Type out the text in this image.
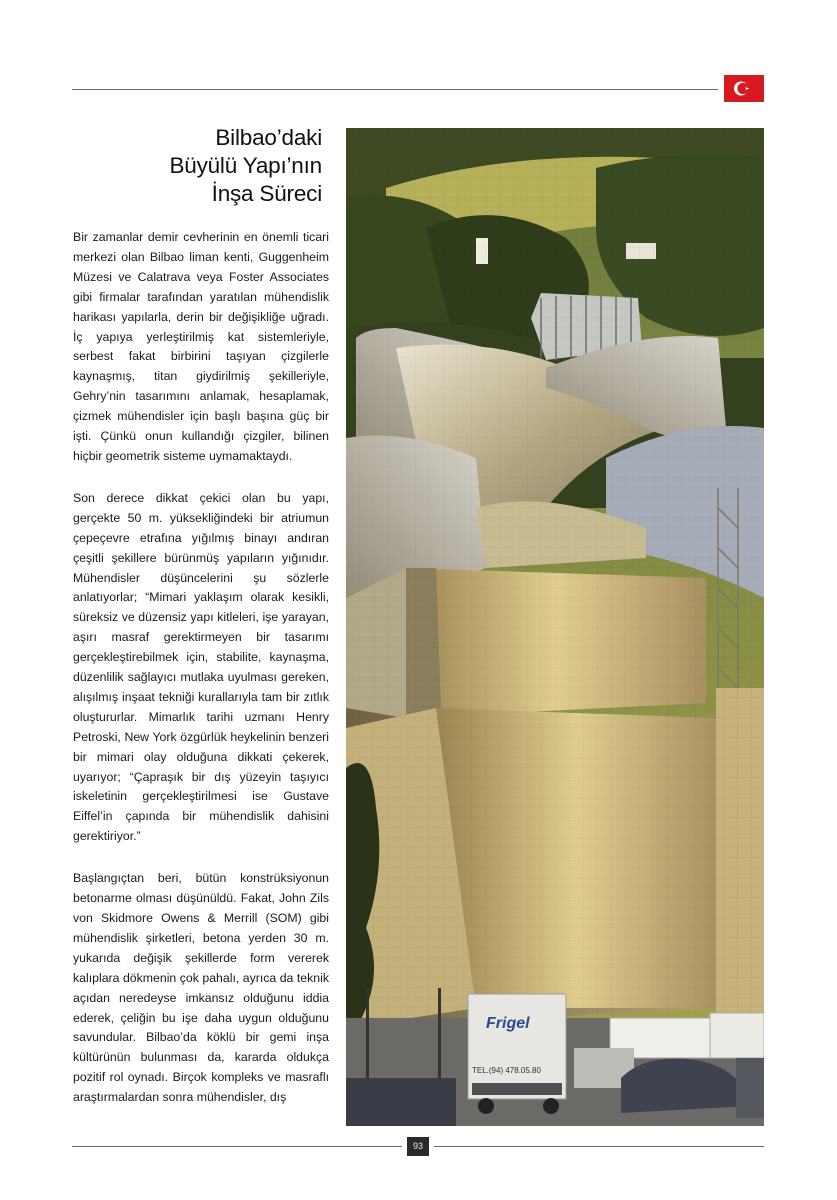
Bilbao’daki
Büyülü Yapı’nın
İnşa Süreci

Bir zamanlar demir cevherinin en önemli ticari merkezi olan Bilbao liman kenti, Guggenheim Müzesi ve Calatrava veya Foster Associates gibi firmalar tarafından yaratılan mühendislik harikası yapılarla, derin bir değişikliğe uğradı. İç yapıya yerleştirilmiş kat sistemleriyle, serbest fakat birbirini taşıyan çizgilerle kaynaşmış, titan giydirilmiş şekilleriyle, Gehry’nin tasarımını anlamak, hesaplamak, çizmek mühendisler için başlı başına güç bir işti. Çünkü onun kullandığı çizgiler, bilinen hiçbir geometrik sisteme uymamaktaydı.

Son derece dikkat çekici olan bu yapı, gerçekte 50 m. yüksekliğindeki bir atriumun çepeçevre etrafına yığılmış binayı andıran çeşitli şekillere bürünmüş yapıların yığınıdır. Mühendisler düşüncelerini şu sözlerle anlatıyorlar; “Mimari yaklaşım olarak kesikli, süreksiz ve düzensiz yapı kitleleri, işe yarayan, aşırı masraf gerektirmeyen bir tasarımı gerçekleştirebilmek için, stabilite, kaynaşma, düzenlilik sağlayıcı mutlaka uyulması gereken, alışılmış inşaat tekniği kurallarıyla tam bir zıtlık oluştururlar. Mimarlık tarihi uzmanı Henry Petroski, New York özgürlük heykelinin benzeri bir mimari olay olduğuna dikkati çekerek, uyarıyor; “Çapraşık bir dış yüzeyin taşıyıcı iskeletinin gerçekleştirilmesi ise Gustave Eiffel’in çapında bir mühendislik dahisini gerektiriyor.”

Başlangıçtan beri, bütün konstrüksiyonun betonarme olması düşünüldü. Fakat, John Zils von Skidmore Owens & Merrill (SOM) gibi mühendislik şirketleri, betona yerden 30 m. yukarıda değişik şekillerde form vererek kalıplara dökmenin çok pahalı, ayrıca da teknik açıdan neredeyse imkansız olduğunu iddia ederek, çeliğin bu işe daha uygun olduğunu savundular. Bilbao’da köklü bir gemi inşa kültürünün bulunması da, kararda oldukça pozitif rol oynadı. Birçok kompleks ve masraflı araştırmalardan sonra mühendisler, dış

Frigel
TEL.(94) 478.05.80
93
